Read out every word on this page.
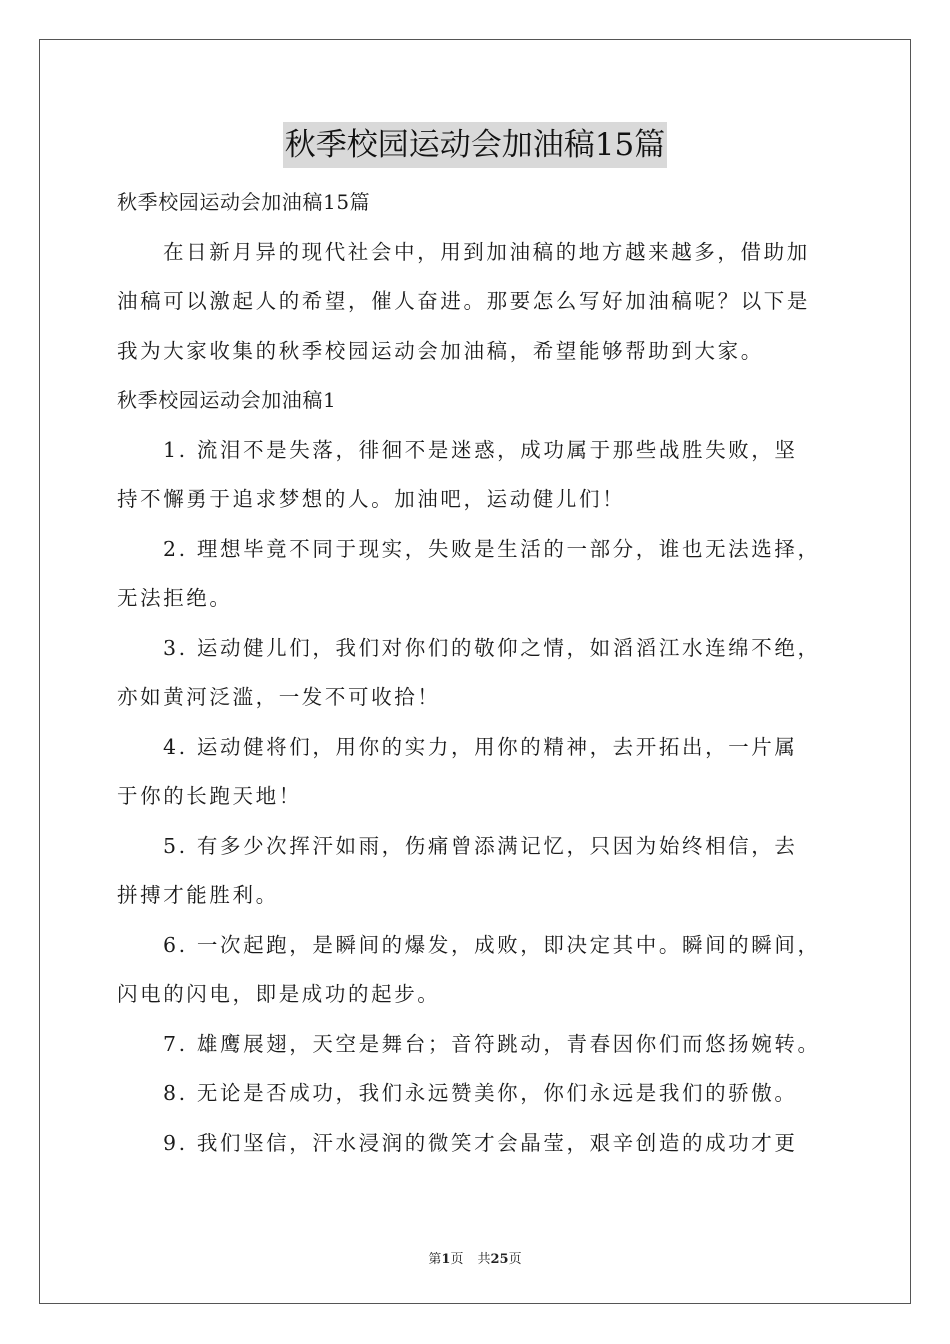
秋季校园运动会加油稿15篇

秋季校园运动会加油稿15篇

在日新月异的现代社会中，用到加油稿的地方越来越多，借助加

油稿可以激起人的希望，催人奋进。那要怎么写好加油稿呢？以下是

我为大家收集的秋季校园运动会加油稿，希望能够帮助到大家。

秋季校园运动会加油稿1

1. 流泪不是失落，徘徊不是迷惑，成功属于那些战胜失败，坚

持不懈勇于追求梦想的人。加油吧，运动健儿们！

2. 理想毕竟不同于现实，失败是生活的一部分，谁也无法选择，

无法拒绝。

3. 运动健儿们，我们对你们的敬仰之情，如滔滔江水连绵不绝，

亦如黄河泛滥，一发不可收拾！

4. 运动健将们，用你的实力，用你的精神，去开拓出，一片属

于你的长跑天地！

5. 有多少次挥汗如雨，伤痛曾添满记忆，只因为始终相信，去

拼搏才能胜利。

6. 一次起跑，是瞬间的爆发，成败，即决定其中。瞬间的瞬间，

闪电的闪电，即是成功的起步。

7. 雄鹰展翅，天空是舞台；音符跳动，青春因你们而悠扬婉转。

8. 无论是否成功，我们永远赞美你，你们永远是我们的骄傲。

9. 我们坚信，汗水浸润的微笑才会晶莹，艰辛创造的成功才更

第1页 共25页
